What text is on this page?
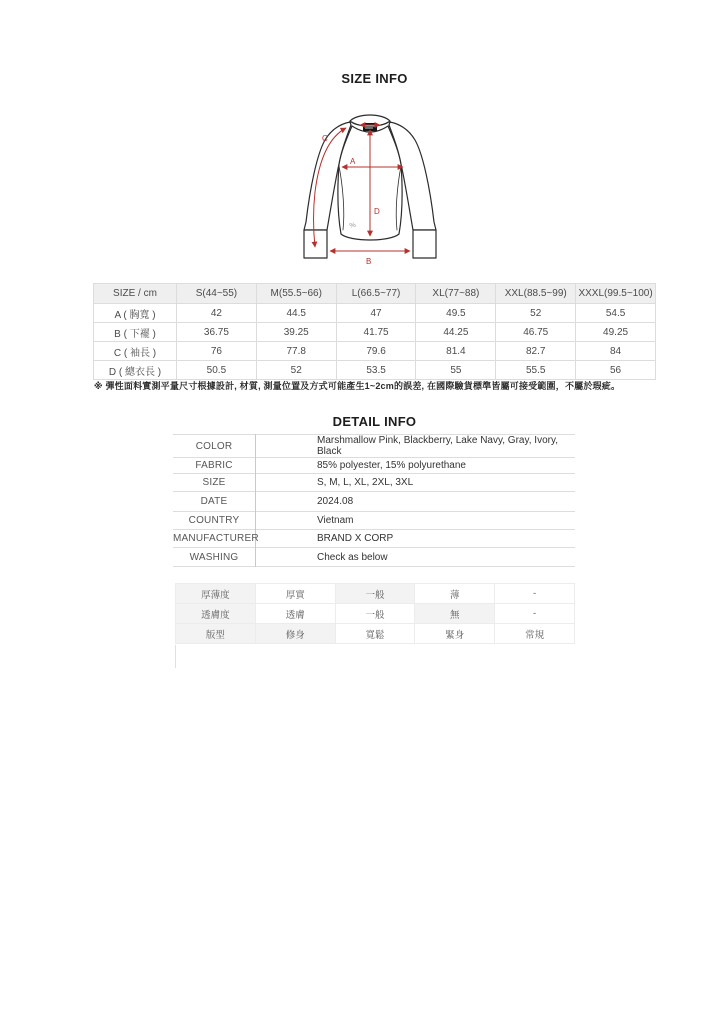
SIZE INFO
%
A
B
C
D
SIZE / cm	S(44~55)	M(55.5~66)	L(66.5~77)	XL(77~88)	XXL(88.5~99)	XXXL(99.5~100)
A ( 胸寬 )	42	44.5	47	49.5	52	54.5
B ( 下襬 )	36.75	39.25	41.75	44.25	46.75	49.25
C ( 袖長 )	76	77.8	79.6	81.4	82.7	84
D ( 總衣長 )	50.5	52	53.5	55	55.5	56
※ 彈性面料實測平量尺寸根據設計, 材質, 測量位置及方式可能產生1~2cm的誤差, 在國際驗貨標準皆屬可接受範圍，不屬於瑕疵。
DETAIL INFO
COLOR	Marshmallow Pink, Blackberry, Lake Navy, Gray, Ivory, Black
FABRIC	85% polyester, 15% polyurethane
SIZE	S, M, L, XL, 2XL, 3XL
DATE	2024.08
COUNTRY	Vietnam
MANUFACTURER	BRAND X CORP
WASHING	Check as below
厚薄度	厚實	一般	薄	-
透膚度	透膚	一般	無	-
版型	修身	寬鬆	緊身	常規
